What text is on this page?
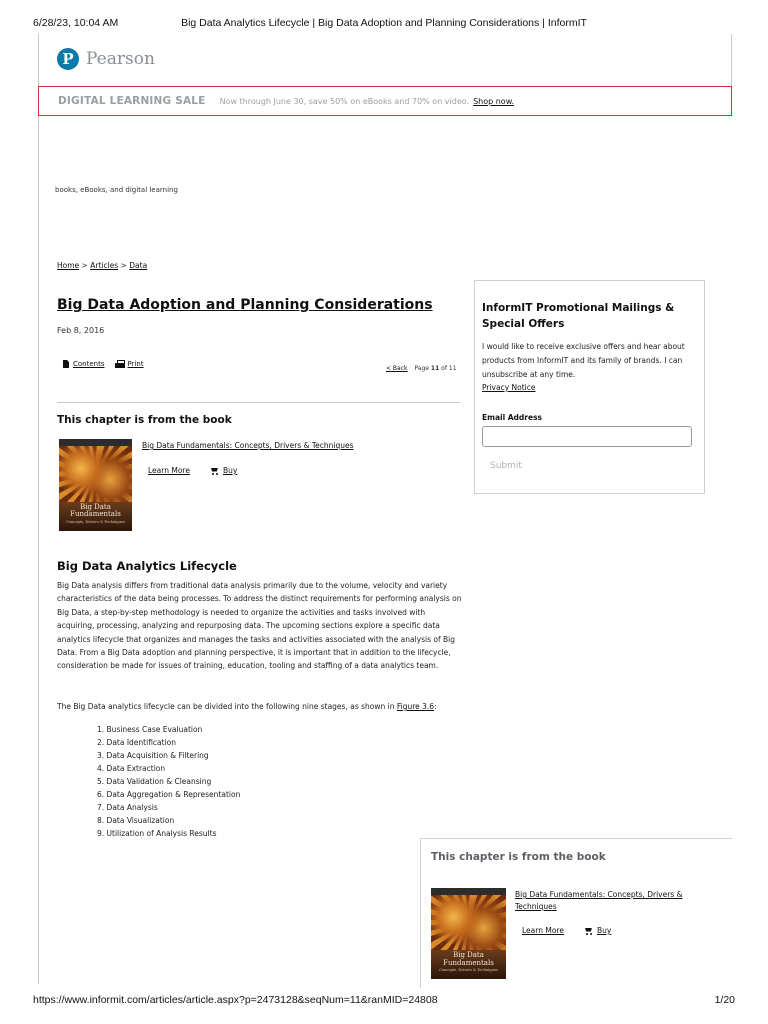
6/28/23, 10:04 AM	Big Data Analytics Lifecycle | Big Data Adoption and Planning Considerations | InformIT
P Pearson
DIGITAL LEARNING SALE Now through June 30, save 50% on eBooks and 70% on video. Shop now.
books, eBooks, and digital learning
Home > Articles > Data
Big Data Adoption and Planning Considerations
Feb 8, 2016
Contents	Print
< Back Page 11 of 11
This chapter is from the book
Big Data Fundamentals
Concepts, Drivers & Techniques
Big Data Fundamentals: Concepts, Drivers & Techniques
Learn More	Buy
Big Data Analytics Lifecycle

Big Data analysis differs from traditional data analysis primarily due to the volume, velocity and variety characteristics of the data being processes. To address the distinct requirements for performing analysis on Big Data, a step-by-step methodology is needed to organize the activities and tasks involved with acquiring, processing, analyzing and repurposing data. The upcoming sections explore a specific data analytics lifecycle that organizes and manages the tasks and activities associated with the analysis of Big Data. From a Big Data adoption and planning perspective, it is important that in addition to the lifecycle, consideration be made for issues of training, education, tooling and staffing of a data analytics team.

The Big Data analytics lifecycle can be divided into the following nine stages, as shown in Figure 3.6:

1. Business Case Evaluation
2. Data Identification
3. Data Acquisition & Filtering
4. Data Extraction
5. Data Validation & Cleansing
6. Data Aggregation & Representation
7. Data Analysis
8. Data Visualization
9. Utilization of Analysis Results
InformIT Promotional Mailings & Special Offers
I would like to receive exclusive offers and hear about products from InformIT and its family of brands. I can unsubscribe at any time.
Privacy Notice
Email Address
Submit
This chapter is from the book
Big Data Fundamentals: Concepts, Drivers & Techniques
Learn More	Buy
Big Data Fundamentals
Concepts, Drivers & Techniques
https://www.informit.com/articles/article.aspx?p=2473128&seqNum=11&ranMID=24808	1/20
